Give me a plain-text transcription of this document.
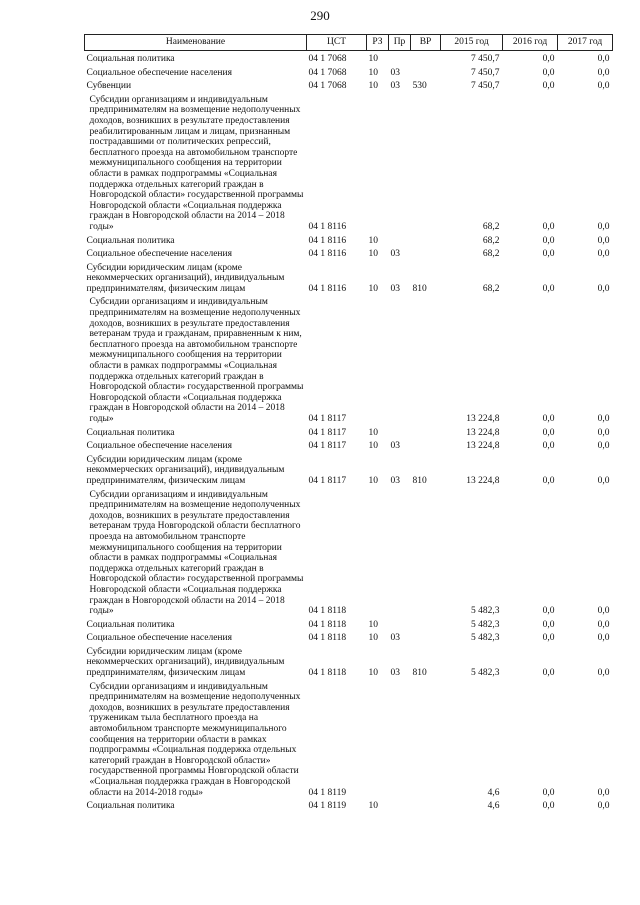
290
Наименование	ЦСТ	РЗ	Пр	ВР	2015 год	2016 год	2017 год
Социальная политика	04 1 7068	10			7 450,7	0,0	0,0
Социальное обеспечение населения	04 1 7068	10	03		7 450,7	0,0	0,0
Субвенции	04 1 7068	10	03	530	7 450,7	0,0	0,0
Субсидии организациям и индивидуальным предпринимателям на возмещение недополученных доходов, возникших в результате предоставления реабилитированным лицам и лицам, признанным пострадавшими от политических репрессий, бесплатного проезда на автомобильном транспорте межмуниципального сообщения на территории области в рамках подпрограммы «Социальная поддержка отдельных категорий граждан в Новгородской области» государственной программы Новгородской области «Социальная поддержка граждан в Новгородской области на 2014 – 2018 годы»	04 1 8116				68,2	0,0	0,0
Социальная политика	04 1 8116	10			68,2	0,0	0,0
Социальное обеспечение населения	04 1 8116	10	03		68,2	0,0	0,0
Субсидии юридическим лицам (кроме некоммерческих организаций), индивидуальным предпринимателям, физическим лицам	04 1 8116	10	03	810	68,2	0,0	0,0
Субсидии организациям и индивидуальным предпринимателям на возмещение недополученных доходов, возникших в результате предоставления ветеранам труда и гражданам, приравненным к ним, бесплатного проезда на автомобильном транспорте межмуниципального сообщения на территории области в рамках подпрограммы «Социальная поддержка отдельных категорий граждан в Новгородской области» государственной программы Новгородской области «Социальная поддержка граждан в Новгородской области на 2014 – 2018 годы»	04 1 8117				13 224,8	0,0	0,0
Социальная политика	04 1 8117	10			13 224,8	0,0	0,0
Социальное обеспечение населения	04 1 8117	10	03		13 224,8	0,0	0,0
Субсидии юридическим лицам (кроме некоммерческих организаций), индивидуальным предпринимателям, физическим лицам	04 1 8117	10	03	810	13 224,8	0,0	0,0
Субсидии организациям и индивидуальным предпринимателям на возмещение недополученных доходов, возникших в результате предоставления ветеранам труда Новгородской области бесплатного проезда на автомобильном транспорте межмуниципального сообщения на территории области в рамках подпрограммы «Социальная поддержка отдельных категорий граждан в Новгородской области» государственной программы Новгородской области «Социальная поддержка граждан в Новгородской области на 2014 – 2018 годы»	04 1 8118				5 482,3	0,0	0,0
Социальная политика	04 1 8118	10			5 482,3	0,0	0,0
Социальное обеспечение населения	04 1 8118	10	03		5 482,3	0,0	0,0
Субсидии юридическим лицам (кроме некоммерческих организаций), индивидуальным предпринимателям, физическим лицам	04 1 8118	10	03	810	5 482,3	0,0	0,0
Субсидии организациям и индивидуальным предпринимателям на возмещение недополученных доходов, возникших в результате предоставления труженикам тыла бесплатного проезда на автомобильном транспорте межмуниципального сообщения на территории области в рамках подпрограммы «Социальная поддержка отдельных категорий граждан в Новгородской области» государственной программы Новгородской области «Социальная поддержка граждан в Новгородской области на 2014-2018 годы»	04 1 8119				4,6	0,0	0,0
Социальная политика	04 1 8119	10			4,6	0,0	0,0
